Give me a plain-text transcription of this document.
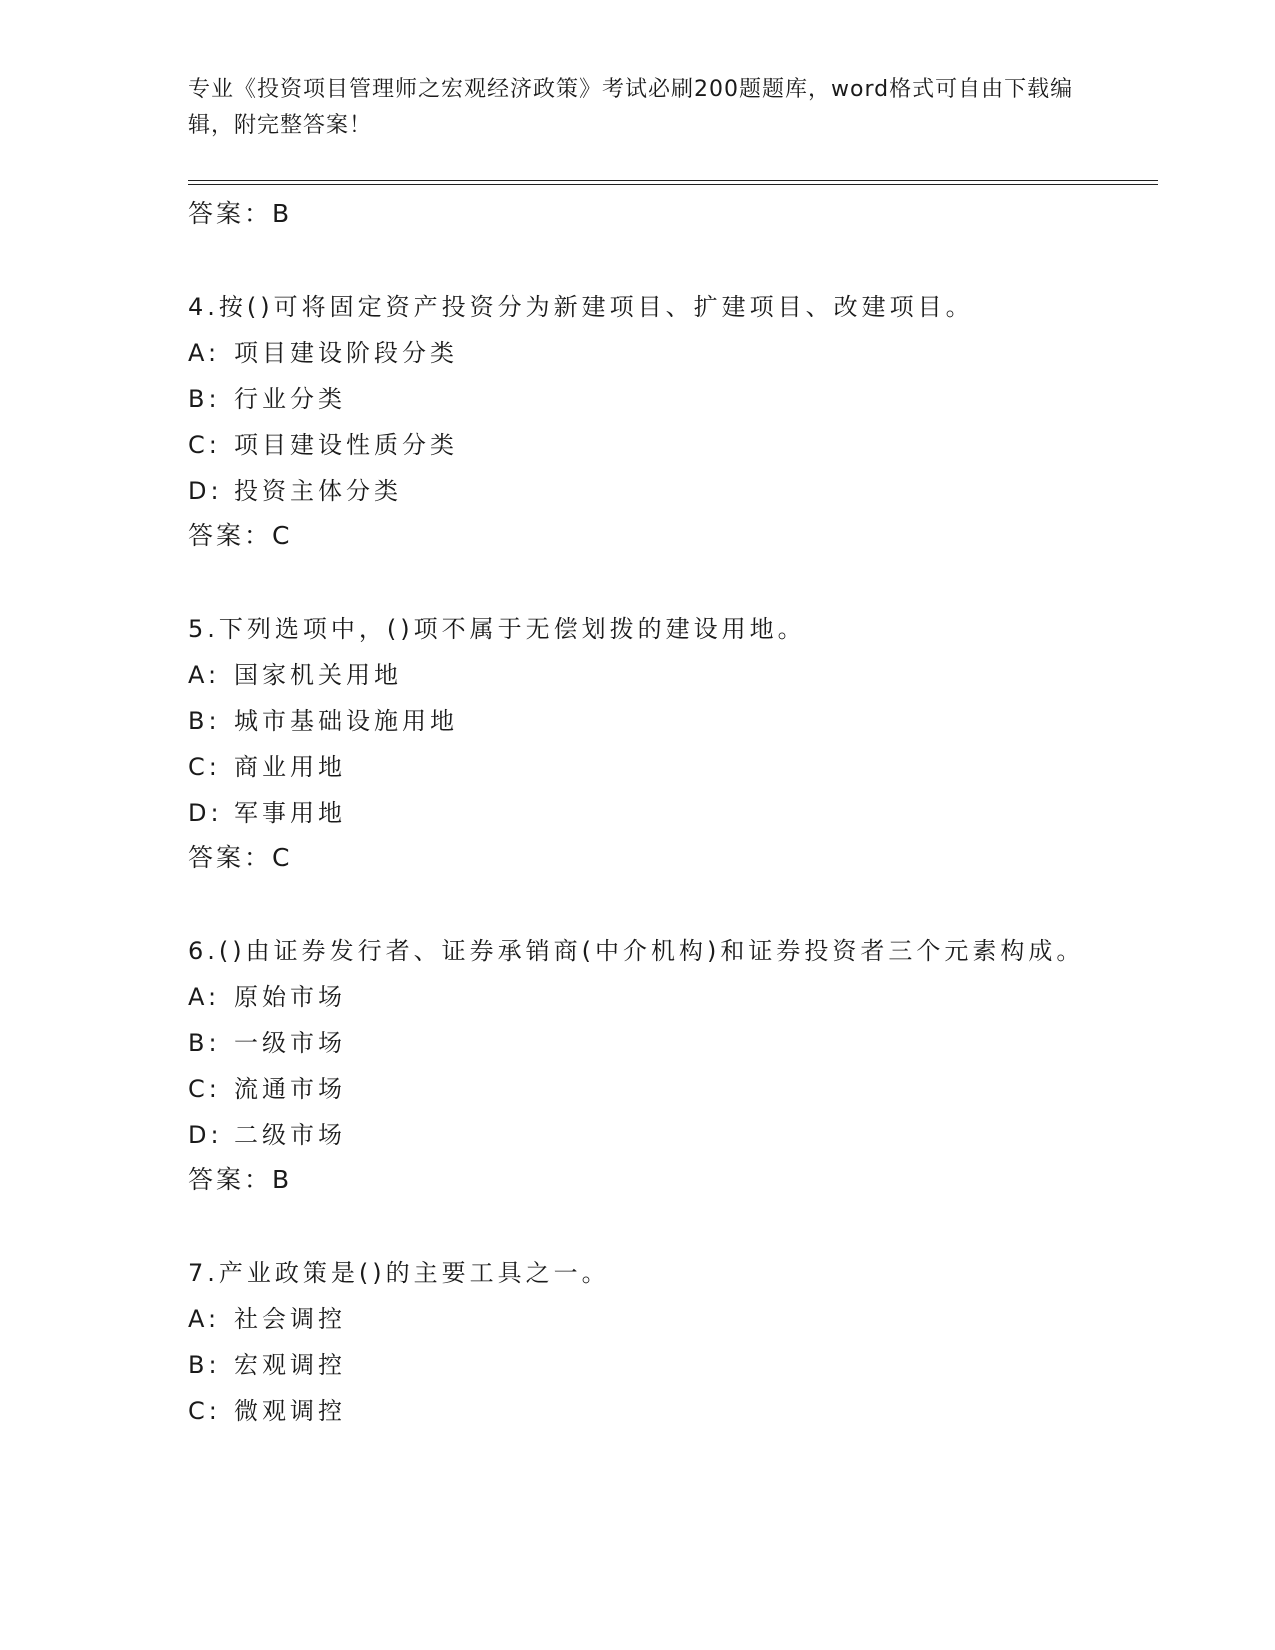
专业《投资项目管理师之宏观经济政策》考试必刷200题题库，word格式可自由下载编辑，附完整答案！
答案：B
4.按()可将固定资产投资分为新建项目、扩建项目、改建项目。
A: 项目建设阶段分类
B: 行业分类
C: 项目建设性质分类
D: 投资主体分类
答案：C
5.下列选项中，()项不属于无偿划拨的建设用地。
A: 国家机关用地
B: 城市基础设施用地
C: 商业用地
D: 军事用地
答案：C
6.()由证券发行者、证券承销商(中介机构)和证券投资者三个元素构成。
A: 原始市场
B: 一级市场
C: 流通市场
D: 二级市场
答案：B
7.产业政策是()的主要工具之一。
A: 社会调控
B: 宏观调控
C: 微观调控
